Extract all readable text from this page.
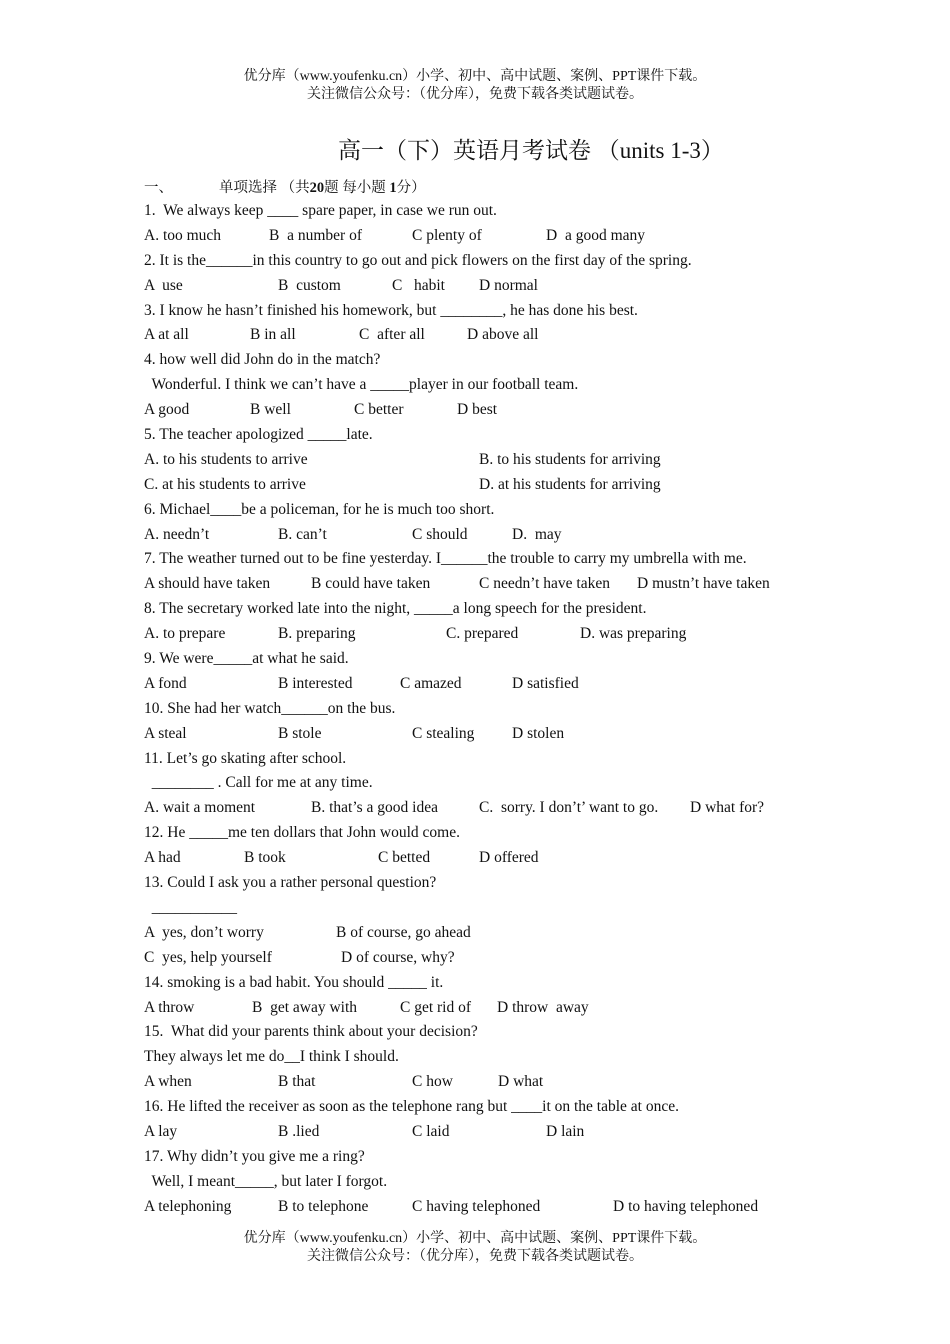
优分库（www.youfenku.cn）小学、初中、高中试题、案例、PPT课件下载。
关注微信公众号：（优分库），免费下载各类试题试卷。
高一（下）英语月考试卷 （units 1-3）
一、	单项选择 （共20题 每小题 1分）
1.  We always keep ____ spare paper, in case we run out.
A. too much	B  a number of	C plenty of	D  a good many
2. It is the______in this country to go out and pick flowers on the first day of the spring.
A  use	B  custom	C   habit D normal
3. I know he hasn’t finished his homework, but ________, he has done his best.
A at all	B in all	C  after all	D above all
4. how well did John do in the match?
Wonderful. I think we can’t have a _____player in our football team.
A good	B well	C better	D best
5. The teacher apologized _____late.
A. to his students to arrive	B. to his students for arriving
C. at his students to arrive	D. at his students for arriving
6. Michael____be a policeman, for he is much too short.
A. needn’t	B. can’t	C should	D.  may
7. The weather turned out to be fine yesterday. I______the trouble to carry my umbrella with me.
A should have taken	B could have taken	C needn’t have taken D mustn’t have taken
8. The secretary worked late into the night, _____a long speech for the president.
A. to prepare	B. preparing	C. prepared	D. was preparing
9. We were_____at what he said.
A fond	B interested	C amazed	D satisfied
10. She had her watch______on the bus.
A steal	B stole	C stealing D stolen
11. Let’s go skating after school.
________ . Call for me at any time.
A. wait a moment	B. that’s a good idea	C.  sorry. I don’t’ want to go. D what for?
12. He _____me ten dollars that John would come.
A had	B took	C betted	D offered
13. Could I ask you a rather personal question?
___________
A  yes, don’t worry	B of course, go ahead
C  yes, help yourself	D of course, why?
14. smoking is a bad habit. You should _____ it.
A throw	B  get away with	C get rid of D throw  away
15.  What did your parents think about your decision?
They always let me do__I think I should.
A when	B that	C how	D what
16. He lifted the receiver as soon as the telephone rang but ____it on the table at once.
A lay	B .lied	C laid	D lain
17. Why didn’t you give me a ring?
Well, I meant_____, but later I forgot.
A telephoning	B to telephone	C having telephoned	D to having telephoned
优分库（www.youfenku.cn）小学、初中、高中试题、案例、PPT课件下载。
关注微信公众号：（优分库），免费下载各类试题试卷。
